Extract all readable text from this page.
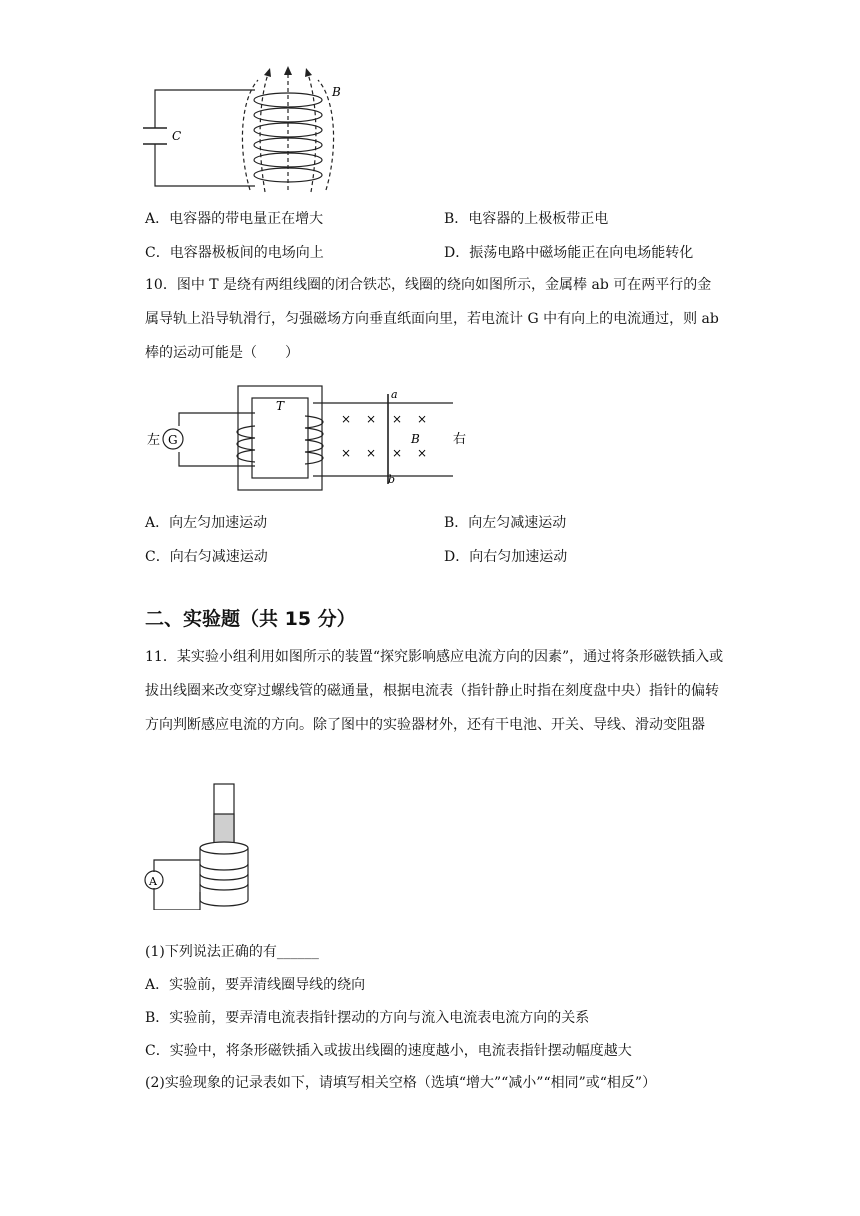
C
B
A．电容器的带电量正在增大	B．电容器的上极板带正电
C．电容器极板间的电场向上	D．振荡电路中磁场能正在向电场能转化
10．图中 T 是绕有两组线圈的闭合铁芯，线圈的绕向如图所示，金属棒 ab 可在两平行的金属导轨上沿导轨滑行，匀强磁场方向垂直纸面向里，若电流计 G 中有向上的电流通过，则 ab 棒的运动可能是（　　）
左 G
T
a
b
B	右
× × × ×
× × × ×
A．向左匀加速运动	B．向左匀减速运动
C．向右匀减速运动	D．向右匀加速运动
二、实验题（共 15 分）
11．某实验小组利用如图所示的装置“探究影响感应电流方向的因素”，通过将条形磁铁插入或拔出线圈来改变穿过螺线管的磁通量，根据电流表（指针静止时指在刻度盘中央）指针的偏转方向判断感应电流的方向。除了图中的实验器材外，还有干电池、开关、导线、滑动变阻器
A
(1)下列说法正确的有______
A．实验前，要弄清线圈导线的绕向
B．实验前，要弄清电流表指针摆动的方向与流入电流表电流方向的关系
C．实验中，将条形磁铁插入或拔出线圈的速度越小，电流表指针摆动幅度越大
(2)实验现象的记录表如下，请填写相关空格（选填“增大”“减小”“相同”或“相反”）
